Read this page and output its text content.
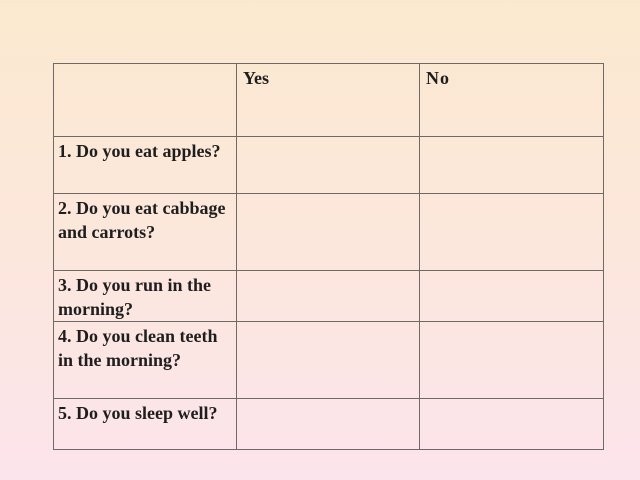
	Yes	No
1. Do you eat apples?		
2. Do you eat cabbage and carrots?		
3. Do you run in the morning?		
4. Do you clean teeth in the morning?		
5. Do you sleep well?		
